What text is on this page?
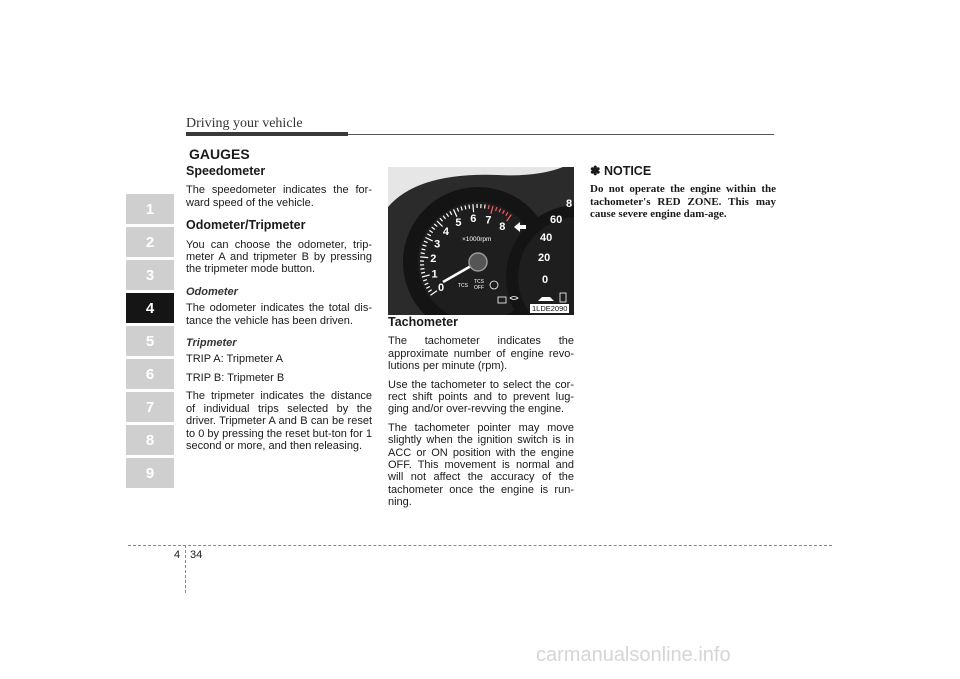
Driving your vehicle
GAUGES
1
2
3
4
5
6
7
8
9
Speedometer

The speedometer indicates the for-ward speed of the vehicle.

Odometer/Tripmeter

You can choose the odometer, trip-meter A and tripmeter B by pressing the tripmeter mode button.

Odometer

The odometer indicates the total dis-tance the vehicle has been driven.

Tripmeter

TRIP A: Tripmeter A

TRIP B: Tripmeter B

The tripmeter indicates the distance of individual trips selected by the driver. Tripmeter A and B can be reset to 0 by pressing the reset but-ton for 1 second or more, and then releasing.

0
1
2
3
4
5 6 7
8
×1000rpm
TCS
TCS
OFF
0
20
40
60
8
1LDE2090
Tachometer

The tachometer indicates the approximate number of engine revo-lutions per minute (rpm).

Use the tachometer to select the cor-rect shift points and to prevent lug-ging and/or over-revving the engine.

The tachometer pointer may move slightly when the ignition switch is in ACC or ON position with the engine OFF. This movement is normal and will not affect the accuracy of the tachometer once the engine is run-ning.

✽ NOTICE

Do not operate the engine within the tachometer's RED ZONE. This may cause severe engine dam-age.

4 34
carmanualsonline.info
